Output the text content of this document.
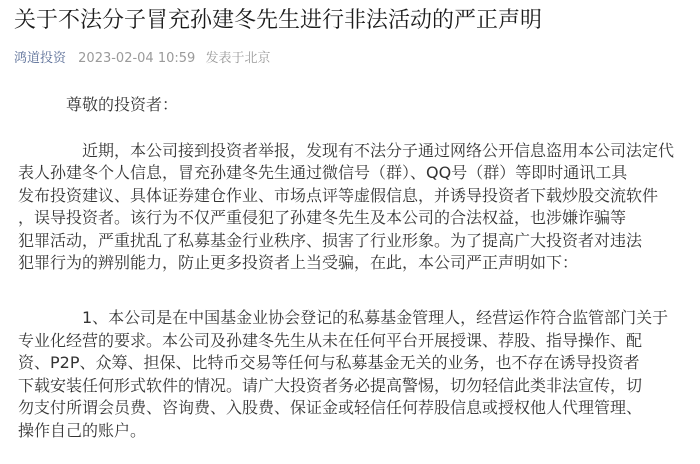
关于不法分子冒充孙建冬先生进行非法活动的严正声明
鸿道投资 2023-02-04 10:59 发表于北京

尊敬的投资者：

近期，本公司接到投资者举报，发现有不法分子通过网络公开信息盗用本公司法定代
表人孙建冬个人信息，冒充孙建冬先生通过微信号（群）、QQ号（群）等即时通讯工具
发布投资建议、具体证券建仓作业、市场点评等虚假信息，并诱导投资者下载炒股交流软件
，误导投资者。该行为不仅严重侵犯了孙建冬先生及本公司的合法权益，也涉嫌诈骗等
犯罪活动，严重扰乱了私募基金行业秩序、损害了行业形象。为了提高广大投资者对违法
犯罪行为的辨别能力，防止更多投资者上当受骗，在此，本公司严正声明如下：
1、本公司是在中国基金业协会登记的私募基金管理人，经营运作符合监管部门关于
专业化经营的要求。本公司及孙建冬先生从未在任何平台开展授课、荐股、指导操作、配
资、P2P、众筹、担保、比特币交易等任何与私募基金无关的业务，也不存在诱导投资者
下载安装任何形式软件的情况。请广大投资者务必提高警惕，切勿轻信此类非法宣传，切
勿支付所谓会员费、咨询费、入股费、保证金或轻信任何荐股信息或授权他人代理管理、
操作自己的账户。
